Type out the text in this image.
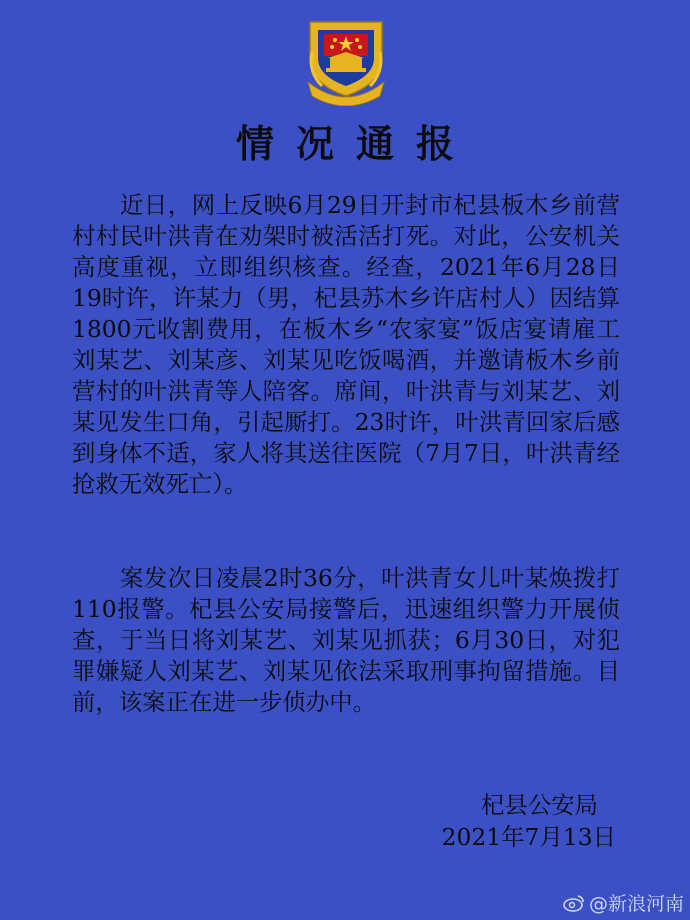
情况通报

近日，网上反映6月29日开封市杞县板木乡前营村村民叶洪青在劝架时被活活打死。对此，公安机关高度重视，立即组织核查。经查，2021年6月28日19时许，许某力（男，杞县苏木乡许店村人）因结算1800元收割费用，在板木乡“农家宴”饭店宴请雇工刘某艺、刘某彦、刘某见吃饭喝酒，并邀请板木乡前营村的叶洪青等人陪客。席间，叶洪青与刘某艺、刘某见发生口角，引起厮打。23时许，叶洪青回家后感到身体不适，家人将其送往医院（7月7日，叶洪青经抢救无效死亡）。

案发次日凌晨2时36分，叶洪青女儿叶某焕拨打110报警。杞县公安局接警后，迅速组织警力开展侦查，于当日将刘某艺、刘某见抓获；6月30日，对犯罪嫌疑人刘某艺、刘某见依法采取刑事拘留措施。目前，该案正在进一步侦办中。

杞县公安局
2021年7月13日
@新浪河南
